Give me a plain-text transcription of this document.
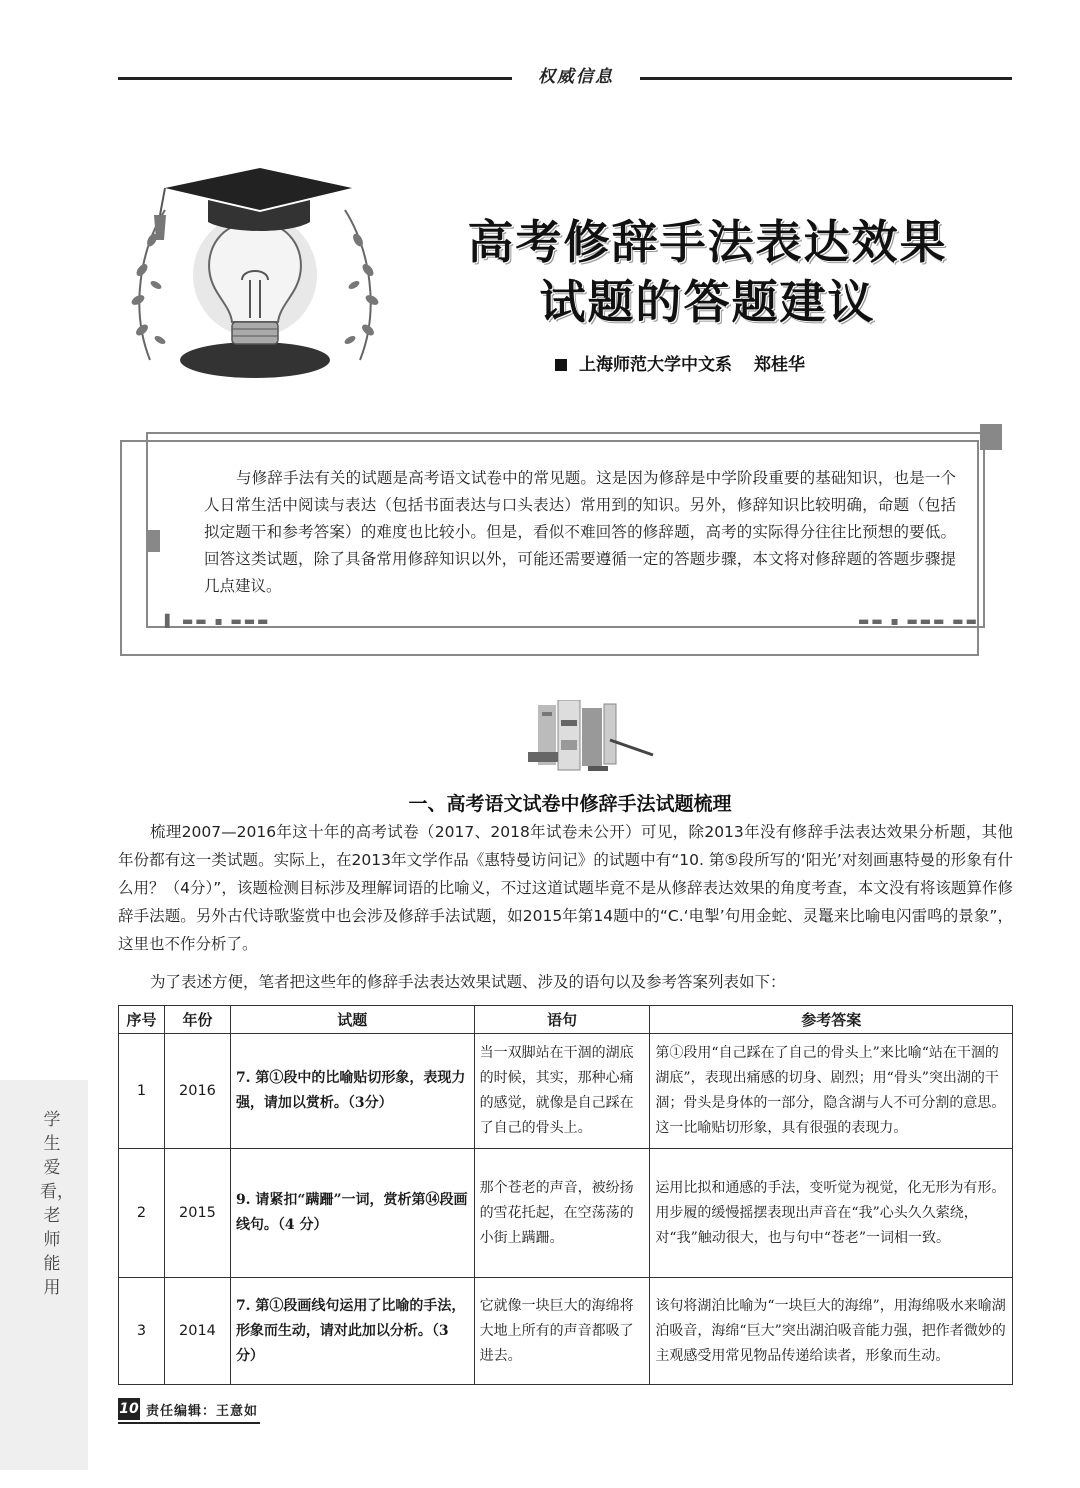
权威信息
高考修辞手法表达效果
试题的答题建议
上海师范大学中文系 郑桂华
▌ ▬▬ ▪ ▬▬▬	▬▬ ▪ ▬▬▬ ▬▬
与修辞手法有关的试题是高考语文试卷中的常见题。这是因为修辞是中学阶段重要的基础知识，也是一个人日常生活中阅读与表达（包括书面表达与口头表达）常用到的知识。另外，修辞知识比较明确，命题（包括拟定题干和参考答案）的难度也比较小。但是，看似不难回答的修辞题，高考的实际得分往往比预想的要低。回答这类试题，除了具备常用修辞知识以外，可能还需要遵循一定的答题步骤，本文将对修辞题的答题步骤提几点建议。
一、高考语文试卷中修辞手法试题梳理
梳理2007—2016年这十年的高考试卷（2017、2018年试卷未公开）可见，除2013年没有修辞手法表达效果分析题，其他年份都有这一类试题。实际上，在2013年文学作品《惠特曼访问记》的试题中有“10. 第⑤段所写的‘阳光’对刻画惠特曼的形象有什么用？（4分）”，该题检测目标涉及理解词语的比喻义，不过这道试题毕竟不是从修辞表达效果的角度考查，本文没有将该题算作修辞手法题。另外古代诗歌鉴赏中也会涉及修辞手法试题，如2015年第14题中的“C.‘电掣’句用金蛇、灵鼍来比喻电闪雷鸣的景象”，这里也不作分析了。
为了表述方便，笔者把这些年的修辞手法表达效果试题、涉及的语句以及参考答案列表如下：
序号	年份	试题	语句	参考答案
1	2016	7. 第①段中的比喻贴切形象，表现力强，请加以赏析。（3分）	当一双脚站在干涸的湖底的时候，其实，那种心痛的感觉，就像是自己踩在了自己的骨头上。	第①段用“自己踩在了自己的骨头上”来比喻“站在干涸的湖底”，表现出痛感的切身、剧烈；用“骨头”突出湖的干涸；骨头是身体的一部分，隐含湖与人不可分割的意思。这一比喻贴切形象，具有很强的表现力。
2	2015	9. 请紧扣“蹒跚”一词，赏析第⑭段画线句。（4 分）	那个苍老的声音，被纷扬的雪花托起，在空荡荡的小街上蹒跚。	运用比拟和通感的手法，变听觉为视觉，化无形为有形。用步履的缓慢摇摆表现出声音在“我”心头久久萦绕，对“我”触动很大，也与句中“苍老”一词相一致。
3	2014	7. 第①段画线句运用了比喻的手法，形象而生动，请对此加以分析。（3分）	它就像一块巨大的海绵将大地上所有的声音都吸了进去。	该句将湖泊比喻为“一块巨大的海绵”，用海绵吸水来喻湖泊吸音，海绵“巨大”突出湖泊吸音能力强，把作者微妙的主观感受用常见物品传递给读者，形象而生动。
学生爱看，老师能用
10 责任编辑：王意如
